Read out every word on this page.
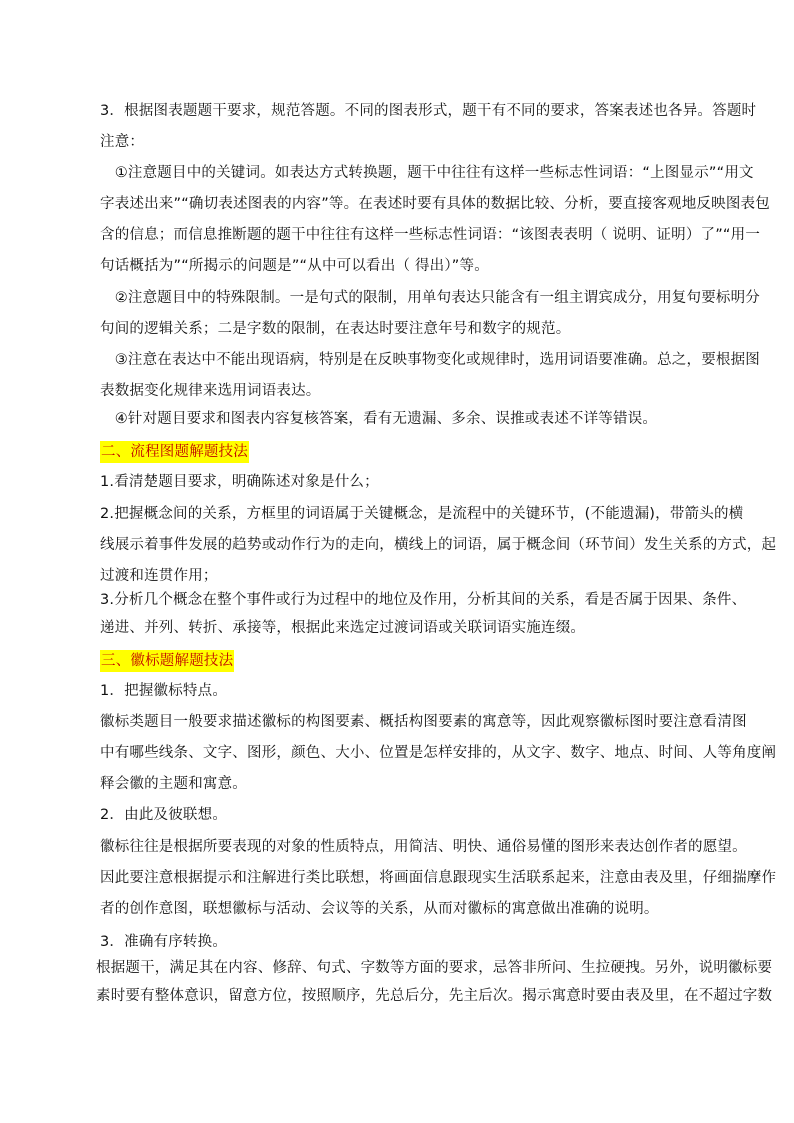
3．根据图表题题干要求，规范答题。不同的图表形式，题干有不同的要求，答案表述也各异。答题时
注意：
　①注意题目中的关键词。如表达方式转换题，题干中往往有这样一些标志性词语：“上图显示”“用文
字表述出来”“确切表述图表的内容”等。在表述时要有具体的数据比较、分析，要直接客观地反映图表包
含的信息；而信息推断题的题干中往往有这样一些标志性词语：“该图表表明（ 说明、证明）了”“用一
句话概括为”“所揭示的问题是”“从中可以看出（ 得出）”等。
　②注意题目中的特殊限制。一是句式的限制，用单句表达只能含有一组主谓宾成分，用复句要标明分
句间的逻辑关系；二是字数的限制，在表达时要注意年号和数字的规范。
　③注意在表达中不能出现语病，特别是在反映事物变化或规律时，选用词语要准确。总之，要根据图
表数据变化规律来选用词语表达。
　④针对题目要求和图表内容复核答案，看有无遗漏、多余、误推或表述不详等错误。
二、流程图题解题技法
1.看清楚题目要求，明确陈述对象是什么；
2.把握概念间的关系，方框里的词语属于关键概念，是流程中的关键环节，(不能遗漏)，带箭头的横
线展示着事件发展的趋势或动作行为的走向，横线上的词语，属于概念间（环节间）发生关系的方式，起
过渡和连贯作用；
3.分析几个概念在整个事件或行为过程中的地位及作用，分析其间的关系，看是否属于因果、条件、
递进、并列、转折、承接等，根据此来选定过渡词语或关联词语实施连缀。
三、徽标题解题技法
1．把握徽标特点。
徽标类题目一般要求描述徽标的构图要素、概括构图要素的寓意等，因此观察徽标图时要注意看清图
中有哪些线条、文字、图形，颜色、大小、位置是怎样安排的，从文字、数字、地点、时间、人等角度阐
释会徽的主题和寓意。
2．由此及彼联想。
徽标往往是根据所要表现的对象的性质特点，用简洁、明快、通俗易懂的图形来表达创作者的愿望。
因此要注意根据提示和注解进行类比联想，将画面信息跟现实生活联系起来，注意由表及里，仔细揣摩作
者的创作意图，联想徽标与活动、会议等的关系，从而对徽标的寓意做出准确的说明。
3．准确有序转换。
根据题干，满足其在内容、修辞、句式、字数等方面的要求，忌答非所问、生拉硬拽。另外，说明徽标要
素时要有整体意识，留意方位，按照顺序，先总后分，先主后次。揭示寓意时要由表及里，在不超过字数
